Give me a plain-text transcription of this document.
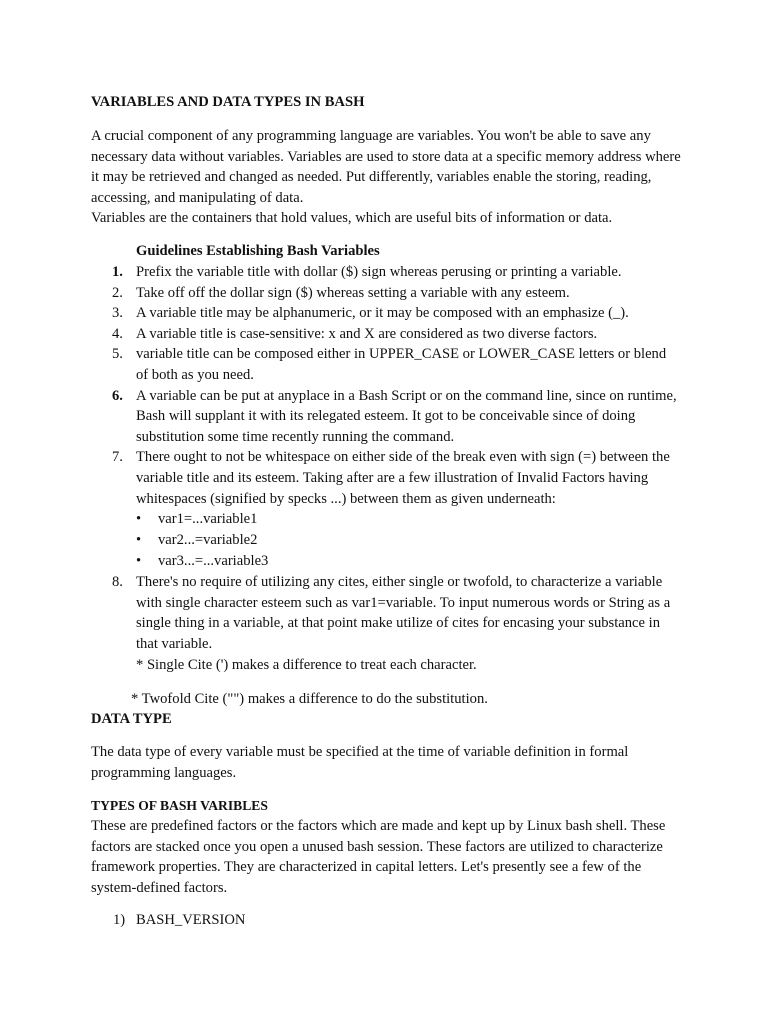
VARIABLES AND DATA TYPES IN BASH

A crucial component of any programming language are variables. You won't be able to save any necessary data without variables. Variables are used to store data at a specific memory address where it may be retrieved and changed as needed. Put differently, variables enable the storing, reading, accessing, and manipulating of data.

Variables are the containers that hold values, which are useful bits of information or data.

Guidelines Establishing Bash Variables
1. Prefix the variable title with dollar ($) sign whereas perusing or printing a variable.
2. Take off off the dollar sign ($) whereas setting a variable with any esteem.
3. A variable title may be alphanumeric, or it may be composed with an emphasize (_).
4. A variable title is case-sensitive: x and X are considered as two diverse factors.
5. variable title can be composed either in UPPER_CASE or LOWER_CASE letters or blend of both as you need.
6. A variable can be put at anyplace in a Bash Script or on the command line, since on runtime, Bash will supplant it with its relegated esteem. It got to be conceivable since of doing substitution some time recently running the command.
7. There ought to not be whitespace on either side of the break even with sign (=) between the variable title and its esteem. Taking after are a few illustration of Invalid Factors having whitespaces (signified by specks ...) between them as given underneath:
• var1=...variable1
• var2...=variable2
• var3...=...variable3
8. There's no require of utilizing any cites, either single or twofold, to characterize a variable with single character esteem such as var1=variable. To input numerous words or String as a single thing in a variable, at that point make utilize of cites for encasing your substance in that variable.
* Single Cite (') makes a difference to treat each character.
* Twofold Cite ("") makes a difference to do the substitution.
DATA TYPE
The data type of every variable must be specified at the time of variable definition in formal programming languages.
TYPES OF BASH VARIBLES

These are predefined factors or the factors which are made and kept up by Linux bash shell. These factors are stacked once you open a unused bash session. These factors are utilized to characterize framework properties. They are characterized in capital letters. Let's presently see a few of the system-defined factors.

1) BASH_VERSION
